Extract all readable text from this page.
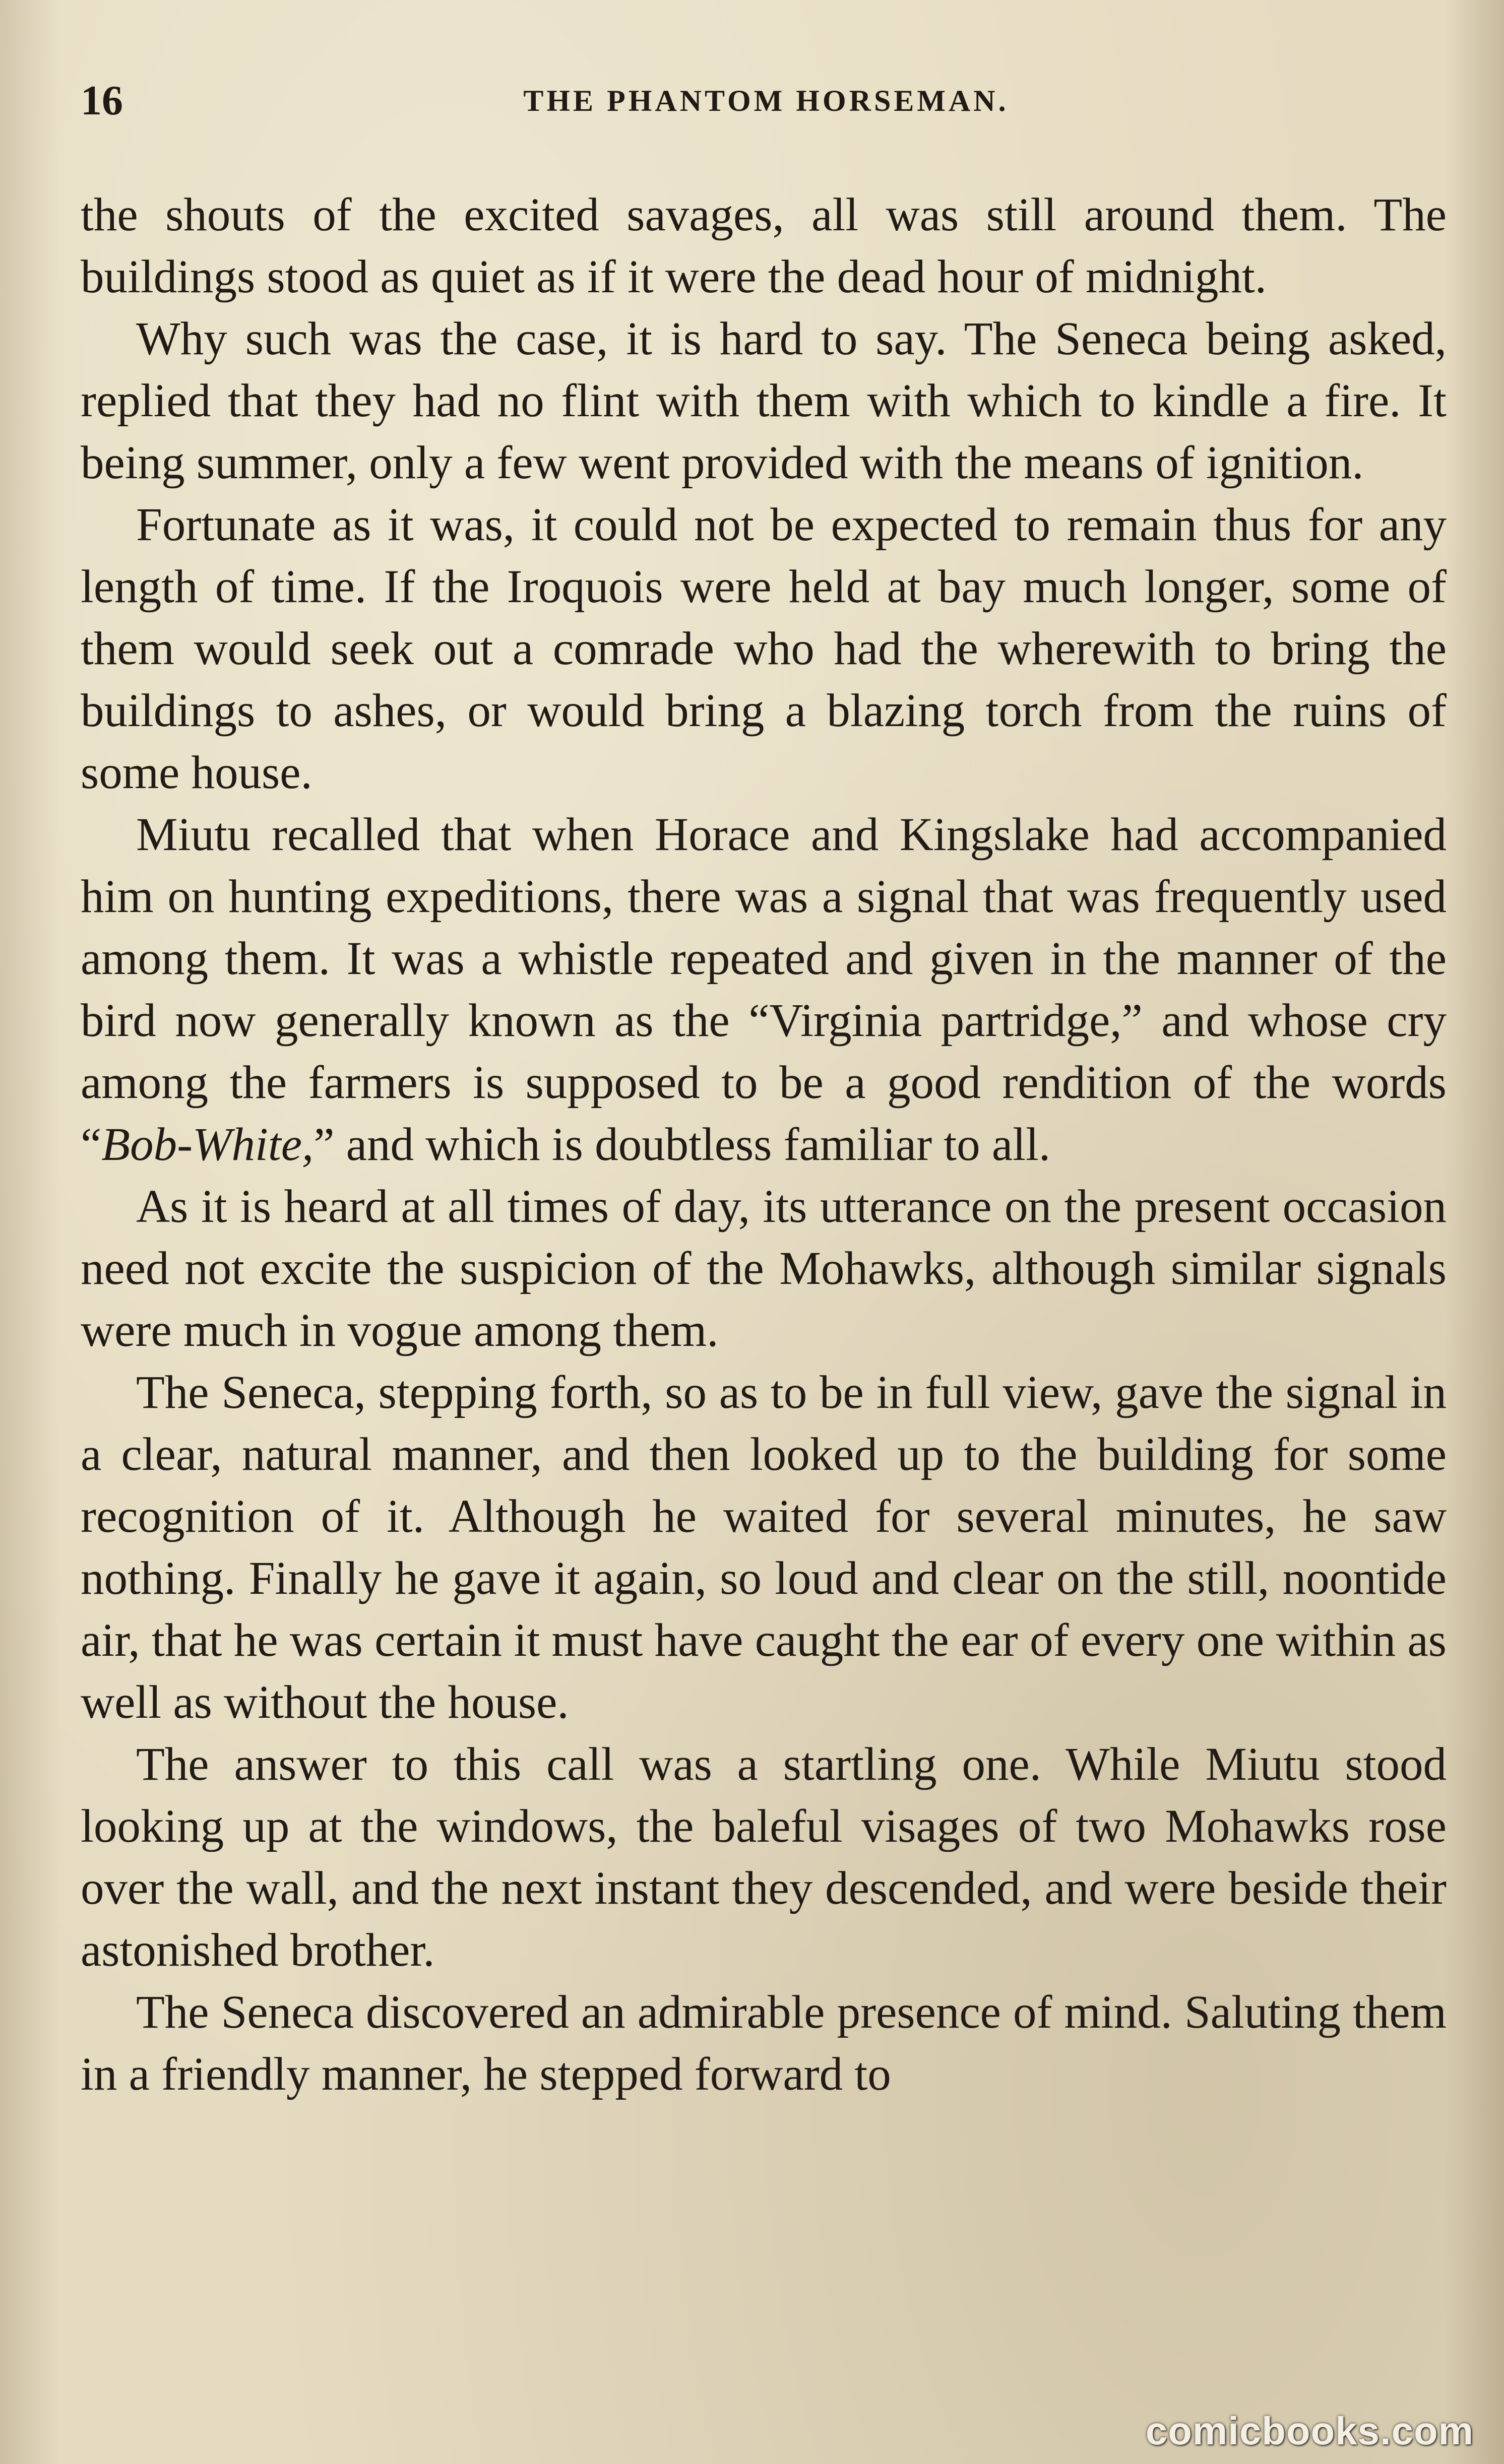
16	THE PHANTOM HORSEMAN.

the shouts of the excited savages, all was still around them. The buildings stood as quiet as if it were the dead hour of midnight.

Why such was the case, it is hard to say. The Seneca being asked, replied that they had no flint with them with which to kindle a fire. It being summer, only a few went provided with the means of ignition.

Fortunate as it was, it could not be expected to remain thus for any length of time. If the Iroquois were held at bay much longer, some of them would seek out a comrade who had the wherewith to bring the buildings to ashes, or would bring a blazing torch from the ruins of some house.

Miutu recalled that when Horace and Kingslake had accompanied him on hunting expeditions, there was a signal that was frequently used among them. It was a whistle repeated and given in the manner of the bird now generally known as the “Virginia partridge,” and whose cry among the farmers is supposed to be a good rendition of the words “Bob-White,” and which is doubtless familiar to all.

As it is heard at all times of day, its utterance on the present occasion need not excite the suspicion of the Mohawks, although similar signals were much in vogue among them.

The Seneca, stepping forth, so as to be in full view, gave the signal in a clear, natural manner, and then looked up to the building for some recognition of it. Although he waited for several minutes, he saw nothing. Finally he gave it again, so loud and clear on the still, noontide air, that he was certain it must have caught the ear of every one within as well as without the house.

The answer to this call was a startling one. While Miutu stood looking up at the windows, the baleful visages of two Mohawks rose over the wall, and the next instant they descended, and were beside their astonished brother.

The Seneca discovered an admirable presence of mind. Saluting them in a friendly manner, he stepped forward to

comicbooks.com
